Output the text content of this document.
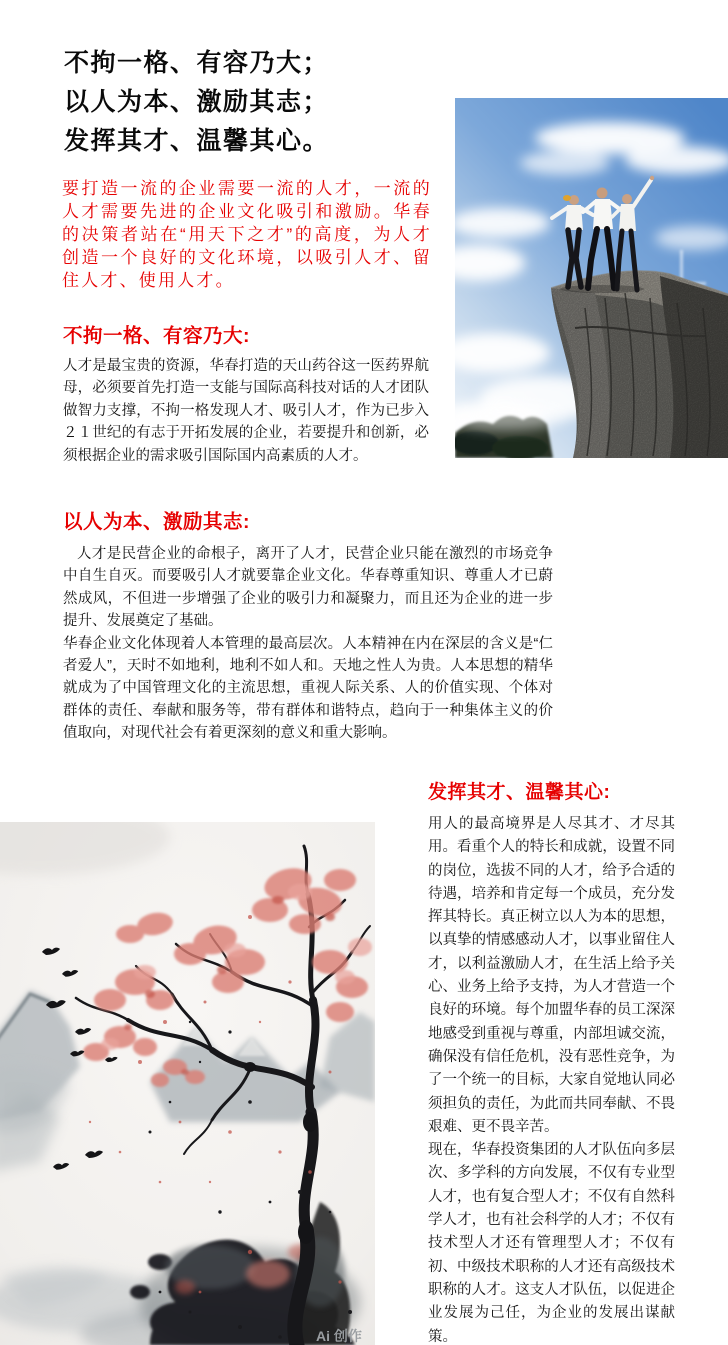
不拘一格、有容乃大；
以人为本、激励其志；
发挥其才、温馨其心。

要打造一流的企业需要一流的人才，一流的人才需要先进的企业文化吸引和激励。华春的决策者站在“用天下之才”的高度，为人才创造一个良好的文化环境，以吸引人才、留住人才、使用人才。

不拘一格、有容乃大:

人才是最宝贵的资源，华春打造的天山药谷这一医药界航母，必须要首先打造一支能与国际高科技对话的人才团队做智力支撑，不拘一格发现人才、吸引人才，作为已步入２１世纪的有志于开拓发展的企业，若要提升和创新，必须根据企业的需求吸引国际国内高素质的人才。

以人为本、激励其志:

人才是民营企业的命根子，离开了人才，民营企业只能在激烈的市场竞争中自生自灭。而要吸引人才就要靠企业文化。华春尊重知识、尊重人才已蔚然成风，不但进一步增强了企业的吸引力和凝聚力，而且还为企业的进一步提升、发展奠定了基础。

华春企业文化体现着人本管理的最高层次。人本精神在内在深层的含义是“仁者爱人”，天时不如地利，地利不如人和。天地之性人为贵。人本思想的精华就成为了中国管理文化的主流思想，重视人际关系、人的价值实现、个体对群体的责任、奉献和服务等，带有群体和谐特点，趋向于一种集体主义的价值取向，对现代社会有着更深刻的意义和重大影响。

发挥其才、温馨其心:

用人的最高境界是人尽其才、才尽其用。看重个人的特长和成就，设置不同的岗位，选拔不同的人才，给予合适的待遇，培养和肯定每一个成员，充分发挥其特长。真正树立以人为本的思想，以真挚的情感感动人才，以事业留住人才，以利益激励人才，在生活上给予关心、业务上给予支持，为人才营造一个良好的环境。每个加盟华春的员工深深地感受到重视与尊重，内部坦诚交流，确保没有信任危机，没有恶性竞争，为了一个统一的目标，大家自觉地认同必须担负的责任，为此而共同奉献、不畏艰难、更不畏辛苦。

现在，华春投资集团的人才队伍向多层次、多学科的方向发展，不仅有专业型人才，也有复合型人才；不仅有自然科学人才，也有社会科学的人才；不仅有技术型人才还有管理型人才；不仅有初、中级技术职称的人才还有高级技术职称的人才。这支人才队伍，以促进企业发展为己任，为企业的发展出谋献策。

Ai 创作
